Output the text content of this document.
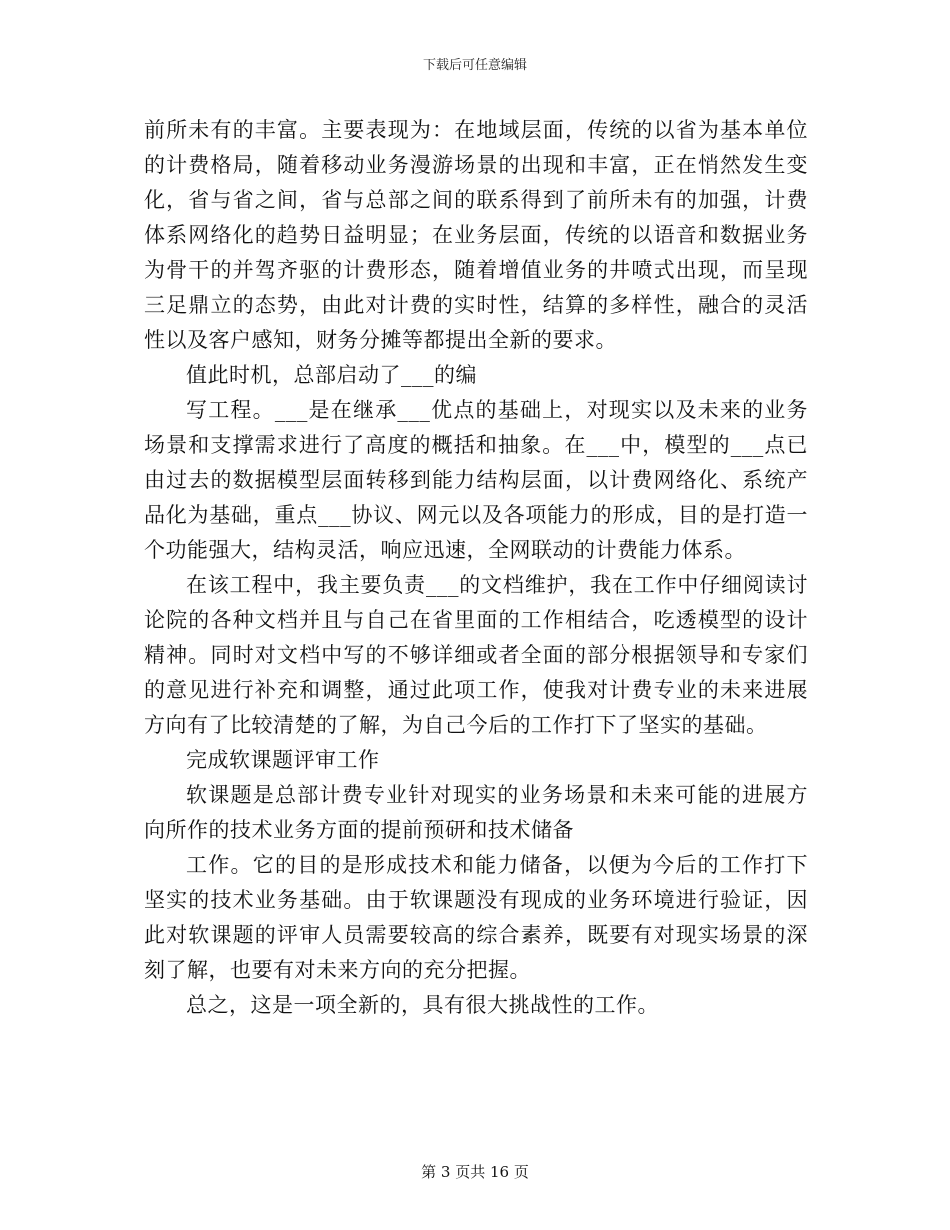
下载后可任意编辑

前所未有的丰富。主要表现为：在地域层面，传统的以省为基本单位的计费格局，随着移动业务漫游场景的出现和丰富，正在悄然发生变化，省与省之间，省与总部之间的联系得到了前所未有的加强，计费体系网络化的趋势日益明显；在业务层面，传统的以语音和数据业务为骨干的并驾齐驱的计费形态，随着增值业务的井喷式出现，而呈现三足鼎立的态势，由此对计费的实时性，结算的多样性，融合的灵活性以及客户感知，财务分摊等都提出全新的要求。

值此时机，总部启动了___的编

写工程。___是在继承___优点的基础上，对现实以及未来的业务场景和支撑需求进行了高度的概括和抽象。在___中，模型的___点已由过去的数据模型层面转移到能力结构层面，以计费网络化、系统产品化为基础，重点___协议、网元以及各项能力的形成，目的是打造一个功能强大，结构灵活，响应迅速，全网联动的计费能力体系。

在该工程中，我主要负责___的文档维护，我在工作中仔细阅读讨论院的各种文档并且与自己在省里面的工作相结合，吃透模型的设计精神。同时对文档中写的不够详细或者全面的部分根据领导和专家们的意见进行补充和调整，通过此项工作，使我对计费专业的未来进展方向有了比较清楚的了解，为自己今后的工作打下了坚实的基础。

完成软课题评审工作

软课题是总部计费专业针对现实的业务场景和未来可能的进展方向所作的技术业务方面的提前预研和技术储备

工作。它的目的是形成技术和能力储备，以便为今后的工作打下坚实的技术业务基础。由于软课题没有现成的业务环境进行验证，因此对软课题的评审人员需要较高的综合素养，既要有对现实场景的深刻了解，也要有对未来方向的充分把握。

总之，这是一项全新的，具有很大挑战性的工作。

第 3 页共 16 页
